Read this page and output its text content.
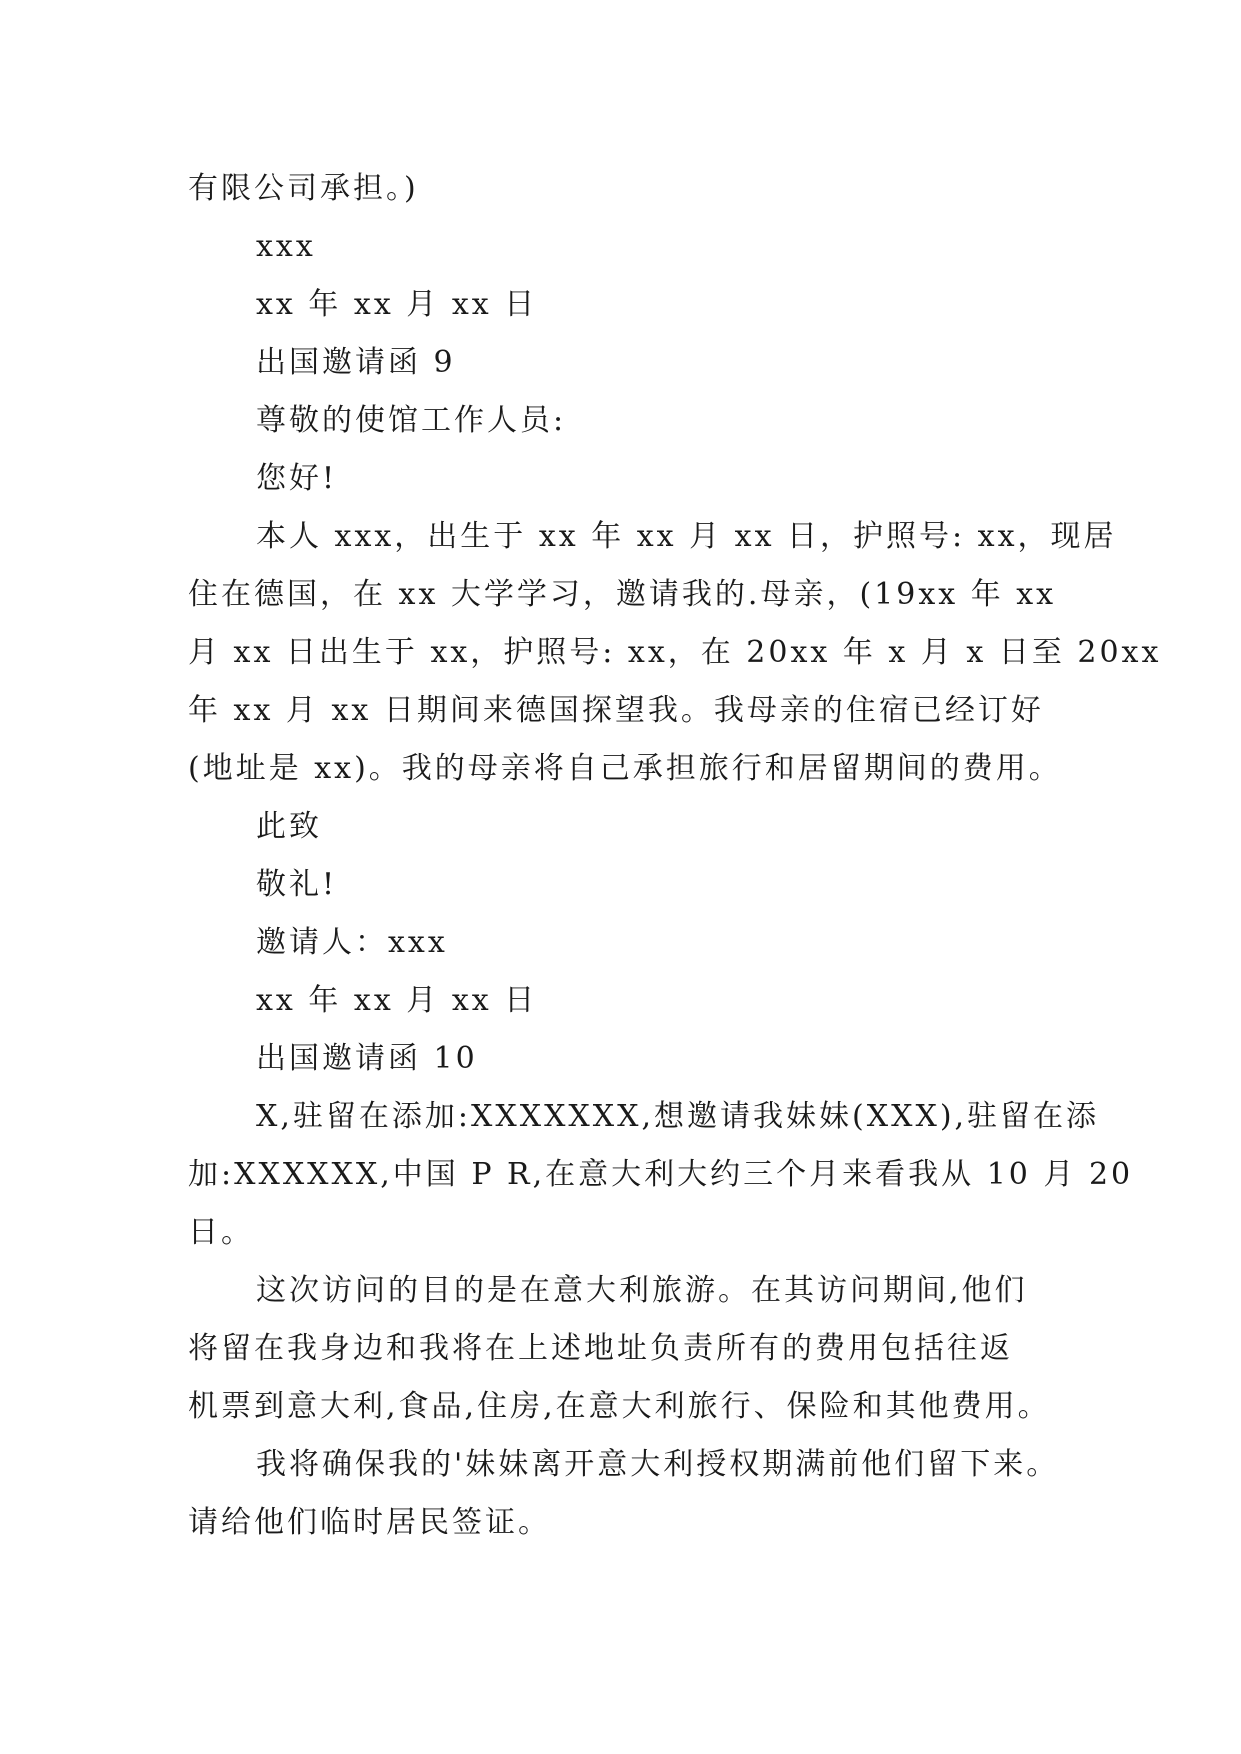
有限公司承担。)
xxx
xx 年 xx 月 xx 日
出国邀请函 9
尊敬的使馆工作人员:
您好!
本人 xxx，出生于 xx 年 xx 月 xx 日，护照号: xx，现居
住在德国，在 xx 大学学习，邀请我的.母亲，(19xx 年 xx
月 xx 日出生于 xx，护照号: xx，在 20xx 年 x 月 x 日至 20xx
年 xx 月 xx 日期间来德国探望我。我母亲的住宿已经订好
(地址是 xx)。我的母亲将自己承担旅行和居留期间的费用。
此致
敬礼!
邀请人：xxx
xx 年 xx 月 xx 日
出国邀请函 10
X,驻留在添加:XXXXXXX,想邀请我妹妹(XXX),驻留在添
加:XXXXXX,中国 P R,在意大利大约三个月来看我从 10 月 20
日。
这次访问的目的是在意大利旅游。在其访问期间,他们
将留在我身边和我将在上述地址负责所有的费用包括往返
机票到意大利,食品,住房,在意大利旅行、保险和其他费用。
我将确保我的'妹妹离开意大利授权期满前他们留下来。
请给他们临时居民签证。
